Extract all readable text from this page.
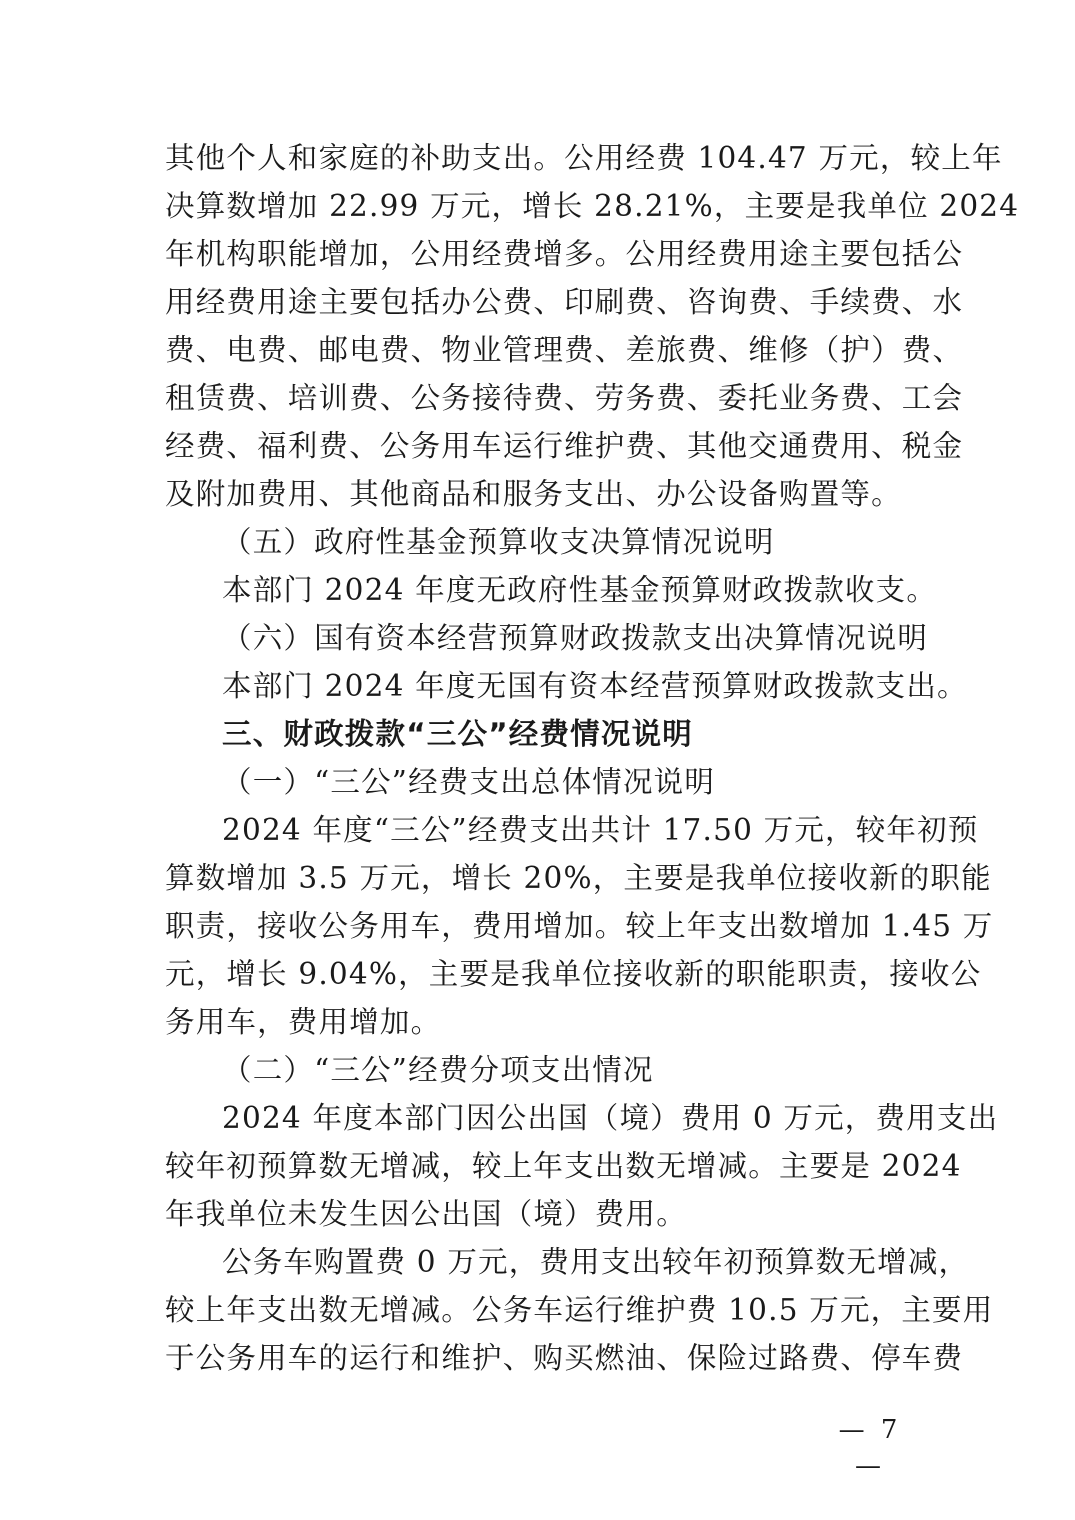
其他个人和家庭的补助支出。公用经费 104.47 万元，较上年
决算数增加 22.99 万元，增长 28.21%，主要是我单位 2024
年机构职能增加，公用经费增多。公用经费用途主要包括公
用经费用途主要包括办公费、印刷费、咨询费、手续费、水
费、电费、邮电费、物业管理费、差旅费、维修（护）费、
租赁费、培训费、公务接待费、劳务费、委托业务费、工会
经费、福利费、公务用车运行维护费、其他交通费用、税金
及附加费用、其他商品和服务支出、办公设备购置等。
（五）政府性基金预算收支决算情况说明
本部门 2024 年度无政府性基金预算财政拨款收支。
（六）国有资本经营预算财政拨款支出决算情况说明
本部门 2024 年度无国有资本经营预算财政拨款支出。
三、财政拨款“三公”经费情况说明
（一）“三公”经费支出总体情况说明
2024 年度“三公”经费支出共计 17.50 万元，较年初预
算数增加 3.5 万元，增长 20%，主要是我单位接收新的职能
职责，接收公务用车，费用增加。较上年支出数增加 1.45 万
元，增长 9.04%，主要是我单位接收新的职能职责，接收公
务用车，费用增加。
（二）“三公”经费分项支出情况
2024 年度本部门因公出国（境）费用 0 万元，费用支出
较年初预算数无增减，较上年支出数无增减。主要是 2024
年我单位未发生因公出国（境）费用。
公务车购置费 0 万元，费用支出较年初预算数无增减，
较上年支出数无增减。公务车运行维护费 10.5 万元，主要用
于公务用车的运行和维护、购买燃油、保险过路费、停车费
— 7 —
